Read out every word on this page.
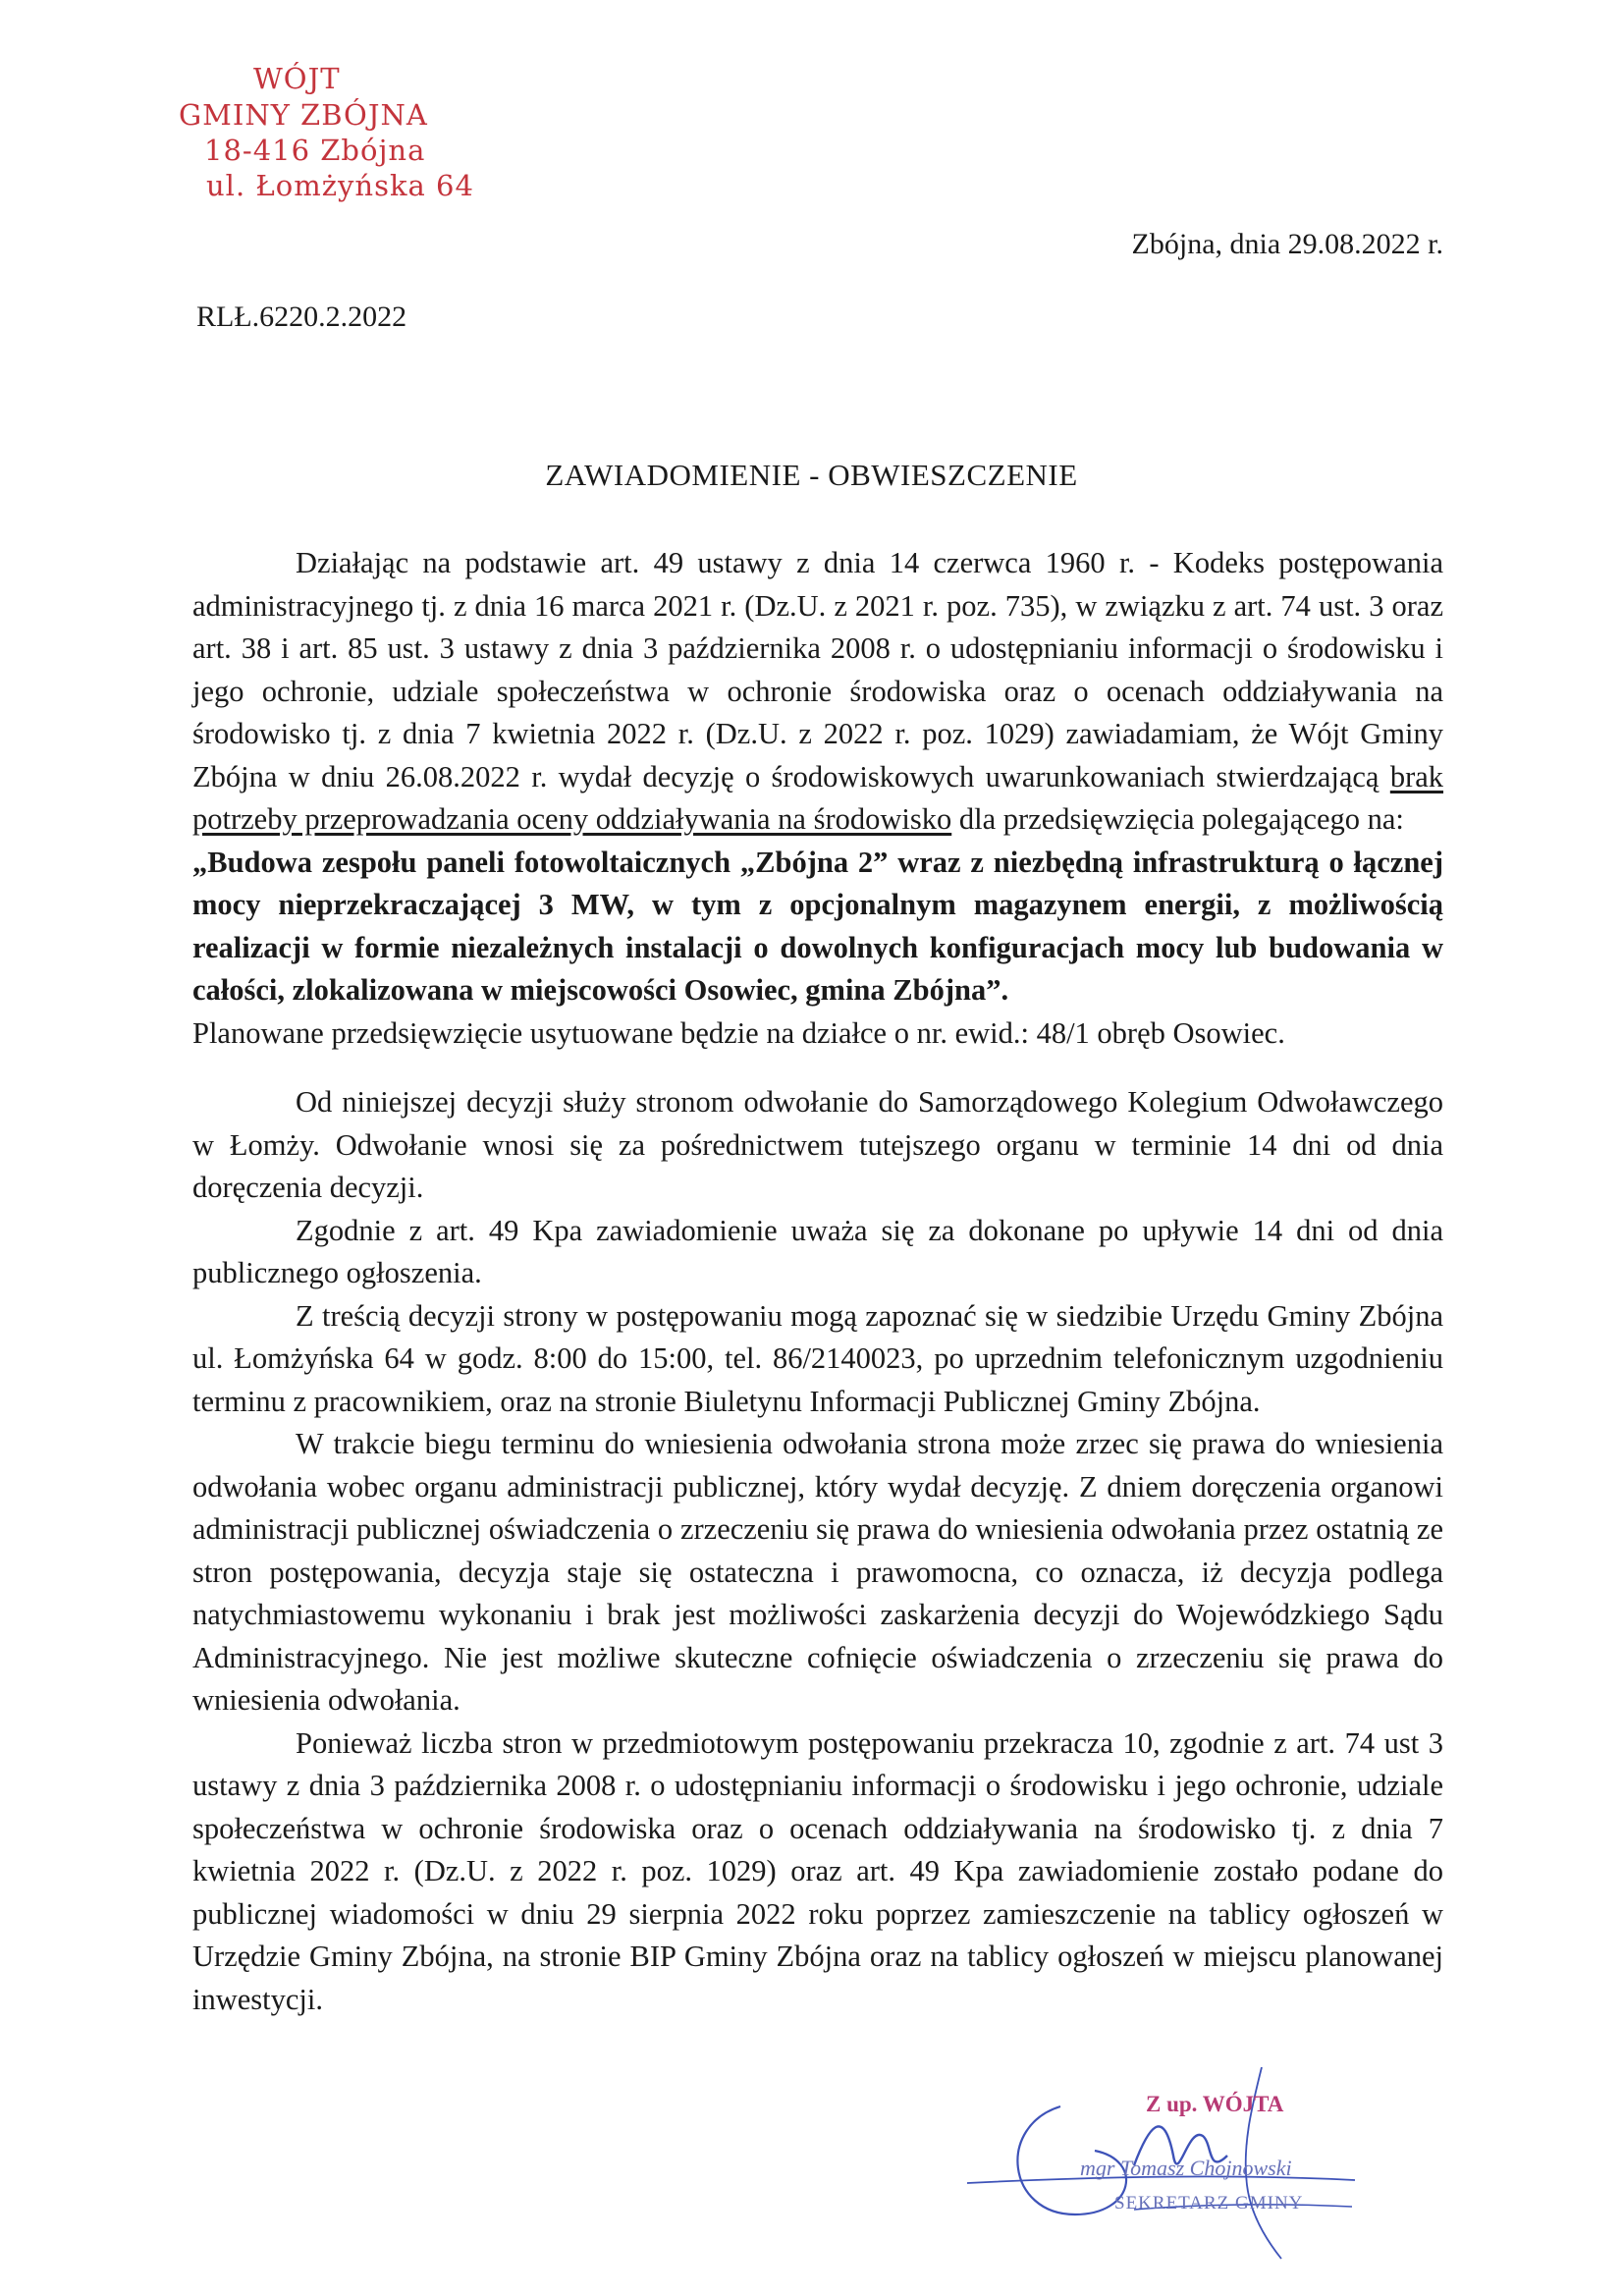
WÓJT
GMINY ZBÓJNA
18-416 Zbójna
ul. Łomżyńska 64
Zbójna, dnia 29.08.2022 r.
RLŁ.6220.2.2022
ZAWIADOMIENIE - OBWIESZCZENIE

Działając na podstawie art. 49 ustawy z dnia 14 czerwca 1960 r. - Kodeks postępowania administracyjnego tj. z dnia 16 marca 2021 r. (Dz.U. z 2021 r. poz. 735), w związku z art. 74 ust. 3 oraz art. 38 i art. 85 ust. 3 ustawy z dnia 3 października 2008 r. o udostępnianiu informacji o środowisku i jego ochronie, udziale społeczeństwa w ochronie środowiska oraz o ocenach oddziaływania na środowisko tj. z dnia 7 kwietnia 2022 r. (Dz.U. z 2022 r. poz. 1029) zawiadamiam, że Wójt Gminy Zbójna w dniu 26.08.2022 r. wydał decyzję o środowiskowych uwarunkowaniach stwierdzającą brak potrzeby przeprowadzania oceny oddziaływania na środowisko dla przedsięwzięcia polegającego na:

„Budowa zespołu paneli fotowoltaicznych „Zbójna 2” wraz z niezbędną infrastrukturą o łącznej mocy nieprzekraczającej 3 MW, w tym z opcjonalnym magazynem energii, z możliwością realizacji w formie niezależnych instalacji o dowolnych konfiguracjach mocy lub budowania w całości, zlokalizowana w miejscowości Osowiec, gmina Zbójna”.

Planowane przedsięwzięcie usytuowane będzie na działce o nr. ewid.: 48/1 obręb Osowiec.

Od niniejszej decyzji służy stronom odwołanie do Samorządowego Kolegium Odwoławczego w Łomży. Odwołanie wnosi się za pośrednictwem tutejszego organu w terminie 14 dni od dnia doręczenia decyzji.

Zgodnie z art. 49 Kpa zawiadomienie uważa się za dokonane po upływie 14 dni od dnia publicznego ogłoszenia.

Z treścią decyzji strony w postępowaniu mogą zapoznać się w siedzibie Urzędu Gminy Zbójna ul. Łomżyńska 64 w godz. 8:00 do 15:00, tel. 86/2140023, po uprzednim telefonicznym uzgodnieniu terminu z pracownikiem, oraz na stronie Biuletynu Informacji Publicznej Gminy Zbójna.

W trakcie biegu terminu do wniesienia odwołania strona może zrzec się prawa do wniesienia odwołania wobec organu administracji publicznej, który wydał decyzję. Z dniem doręczenia organowi administracji publicznej oświadczenia o zrzeczeniu się prawa do wniesienia odwołania przez ostatnią ze stron postępowania, decyzja staje się ostateczna i prawomocna, co oznacza, iż decyzja podlega natychmiastowemu wykonaniu i brak jest możliwości zaskarżenia decyzji do Wojewódzkiego Sądu Administracyjnego. Nie jest możliwe skuteczne cofnięcie oświadczenia o zrzeczeniu się prawa do wniesienia odwołania.

Ponieważ liczba stron w przedmiotowym postępowaniu przekracza 10, zgodnie z art. 74 ust 3 ustawy z dnia 3 października 2008 r. o udostępnianiu informacji o środowisku i jego ochronie, udziale społeczeństwa w ochronie środowiska oraz o ocenach oddziaływania na środowisko tj. z dnia 7 kwietnia 2022 r. (Dz.U. z 2022 r. poz. 1029) oraz art. 49 Kpa zawiadomienie zostało podane do publicznej wiadomości w dniu 29 sierpnia 2022 roku poprzez zamieszczenie na tablicy ogłoszeń w Urzędzie Gminy Zbójna, na stronie BIP Gminy Zbójna oraz na tablicy ogłoszeń w miejscu planowanej inwestycji.

Z up. WÓJTA
mgr Tomasz Chojnowski
SEKRETARZ GMINY
